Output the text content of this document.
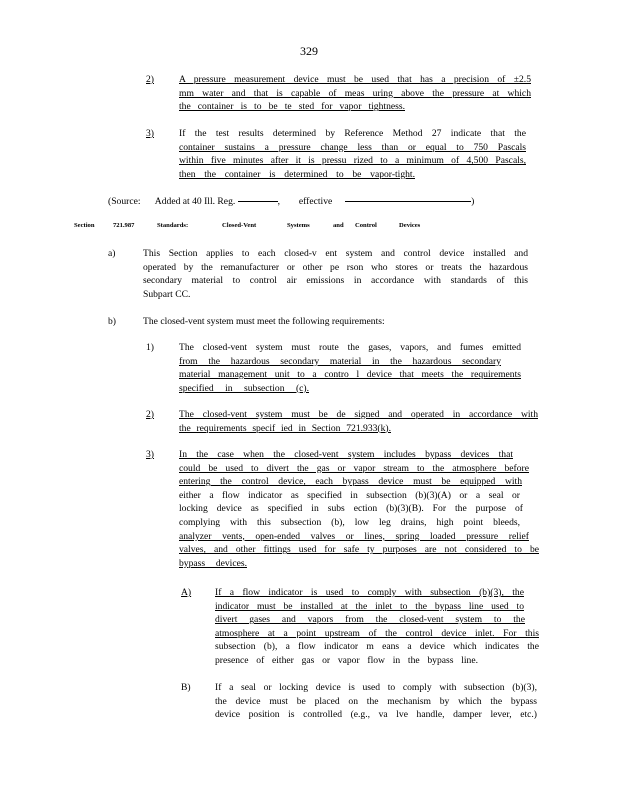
329
2)	A pressure measurement device must be used that has a precision of ±2.5
mm water and that is capable of meas uring above the pressure at which
the container is to be te sted for vapor tightness.
3)	If the test results determined by Reference Method 27 indicate that the
container sustains a pressure change less than or equal to 750 Pascals
within five minutes after it is pressu rized to a minimum of 4,500 Pascals,
then the container is determined to be vapor-tight.
(Source: Added at 40 Ill. Reg.	, effective	)
Section	721.987	Standards:	Closed-Vent	Systems	and Control	Devices
a)	This Section applies to each closed-v ent system and control device installed and
operated by the remanufacturer or other pe rson who stores or treats the hazardous
secondary material to control air emissions in accordance with standards of this
Subpart CC.
b)	The closed-vent system must meet the following requirements:
1)	The closed-vent system must route the gases, vapors, and fumes emitted
from the hazardous secondary material in the hazardous secondary
material management unit to a contro l device that meets the requirements
specified in subsection (c).
2)	The closed-vent system must be de signed and operated in accordance with
the requirements specif ied in Section 721.933(k).
3)	In the case when the closed-vent system includes bypass devices that
could be used to divert the gas or vapor stream to the atmosphere before
entering the control device, each bypass device must be equipped with
either a flow indicator as specified in subsection (b)(3)(A) or a seal or
locking device as specified in subs ection (b)(3)(B). For the purpose of
complying with this subsection (b), low leg drains, high point bleeds,
analyzer vents, open-ended valves or lines, spring loaded pressure relief
valves, and other fittings used for safe ty purposes are not considered to be
bypass devices.
A) If a flow indicator is used to comply with subsection (b)(3), the
indicator must be installed at the inlet to the bypass line used to
divert gases and vapors from the closed-vent system to the
atmosphere at a point upstream of the control device inlet. For this
subsection (b), a flow indicator m eans a device which indicates the
presence of either gas or vapor flow in the bypass line.
B)	If a seal or locking device is used to comply with subsection (b)(3),
the device must be placed on the mechanism by which the bypass
device position is controlled (e.g., va lve handle, damper lever, etc.)
